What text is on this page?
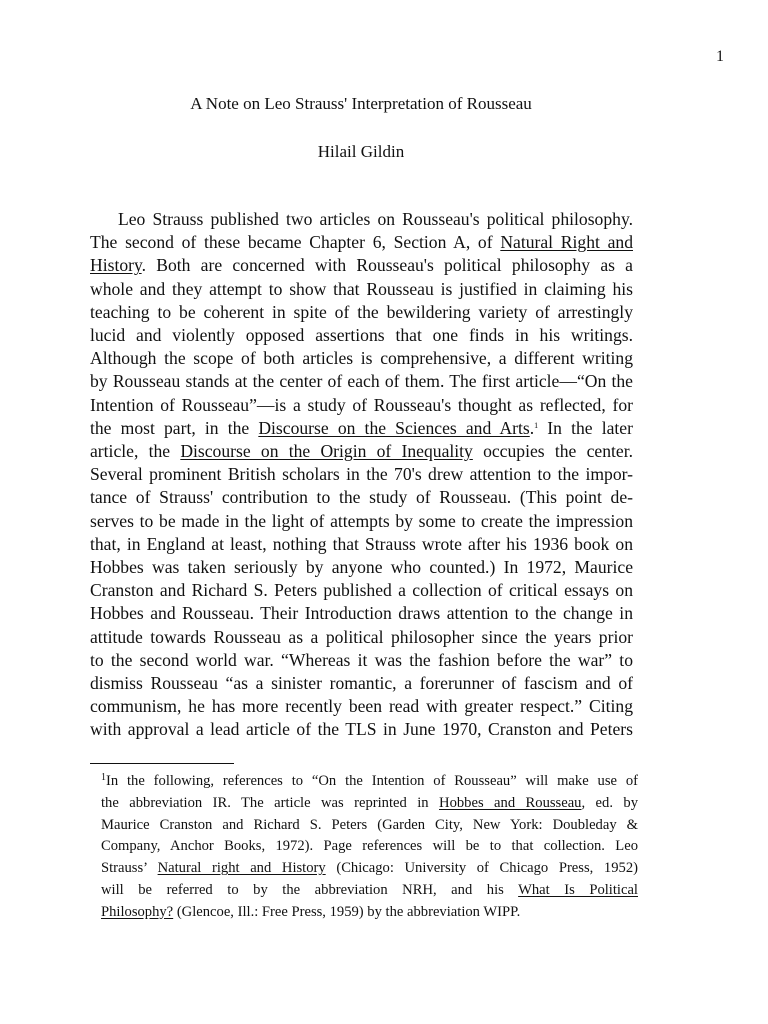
1
A Note on Leo Strauss' Interpretation of Rousseau
Hilail Gildin
Leo Strauss published two articles on Rousseau's political philosophy.
The second of these became Chapter 6, Section A, of Natural Right and
History. Both are concerned with Rousseau's political philosophy as a
whole and they attempt to show that Rousseau is justified in claiming his
teaching to be coherent in spite of the bewildering variety of arrestingly
lucid and violently opposed assertions that one finds in his writings.
Although the scope of both articles is comprehensive, a different writing
by Rousseau stands at the center of each of them. The first article—“On the
Intention of Rousseau”—is a study of Rousseau's thought as reflected, for
the most part, in the Discourse on the Sciences and Arts.$^1$ In the later
article, the Discourse on the Origin of Inequality occupies the center.
Several prominent British scholars in the 70's drew attention to the impor-
tance of Strauss' contribution to the study of Rousseau. (This point de-
serves to be made in the light of attempts by some to create the impression
that, in England at least, nothing that Strauss wrote after his 1936 book on
Hobbes was taken seriously by anyone who counted.) In 1972, Maurice
Cranston and Richard S. Peters published a collection of critical essays on
Hobbes and Rousseau. Their Introduction draws attention to the change in
attitude towards Rousseau as a political philosopher since the years prior
to the second world war. “Whereas it was the fashion before the war” to
dismiss Rousseau “as a sinister romantic, a forerunner of fascism and of
communism, he has more recently been read with greater respect.” Citing
with approval a lead article of the TLS in June 1970, Cranston and Peters
$^1$In the following, references to “On the Intention of Rousseau” will make use of
the abbreviation IR. The article was reprinted in Hobbes and Rousseau, ed. by
Maurice Cranston and Richard S. Peters (Garden City, New York: Doubleday &
Company, Anchor Books, 1972). Page references will be to that collection. Leo
Strauss’ Natural right and History (Chicago: University of Chicago Press, 1952)
will be referred to by the abbreviation NRH, and his What Is Political
Philosophy? (Glencoe, Ill.: Free Press, 1959) by the abbreviation WIPP.
